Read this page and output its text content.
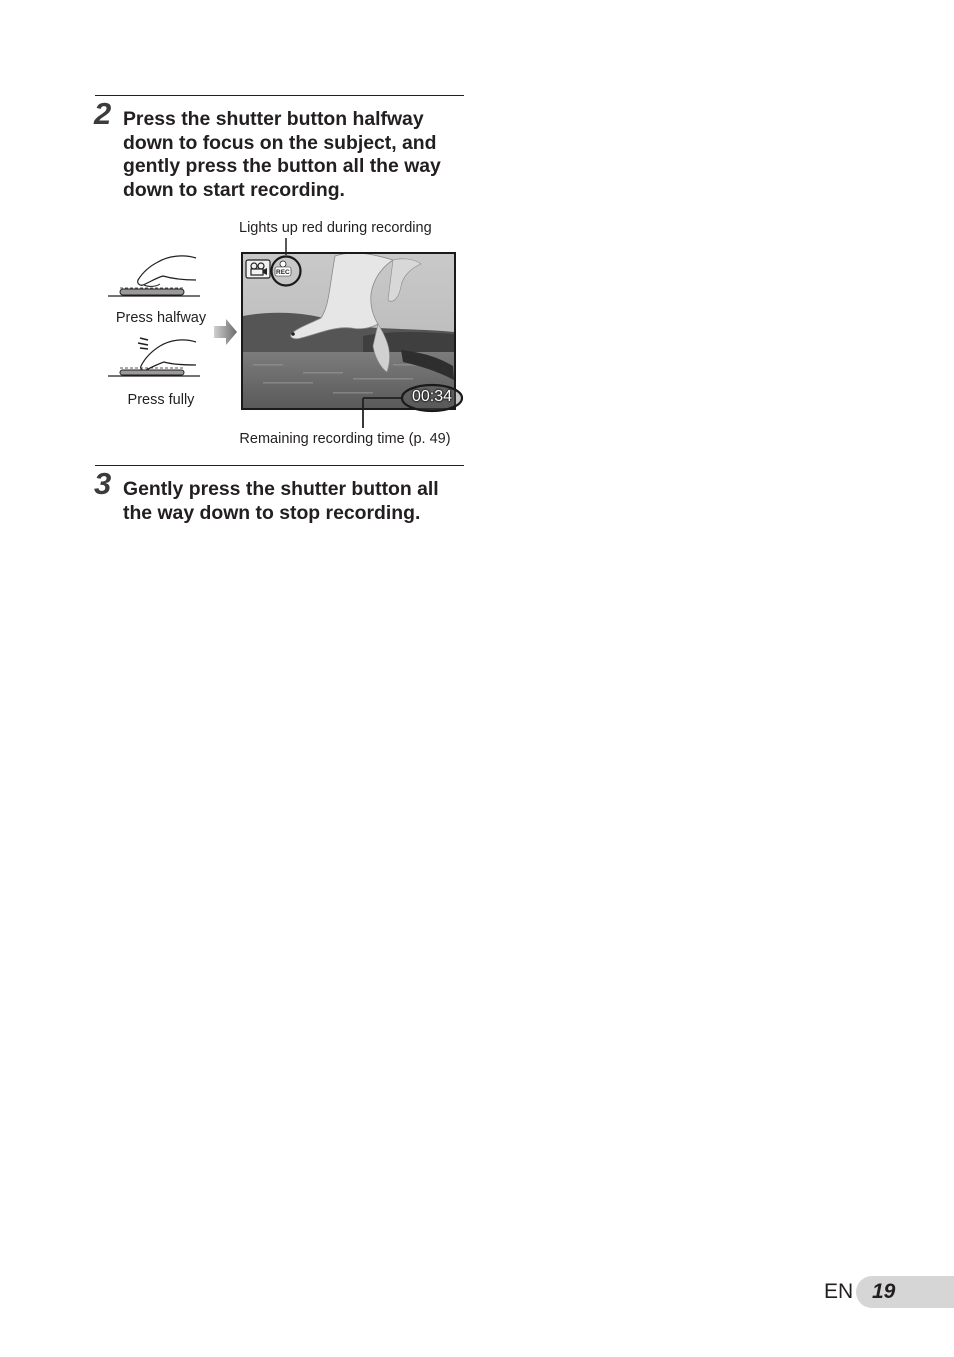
2 Press the shutter button halfway down to focus on the subject, and gently press the button all the way down to start recording.

Lights up red during recording
Press halfway
Press fully
REC
00:34
Remaining recording time (p. 49)
3 Gently press the shutter button all the way down to stop recording.

EN 19
